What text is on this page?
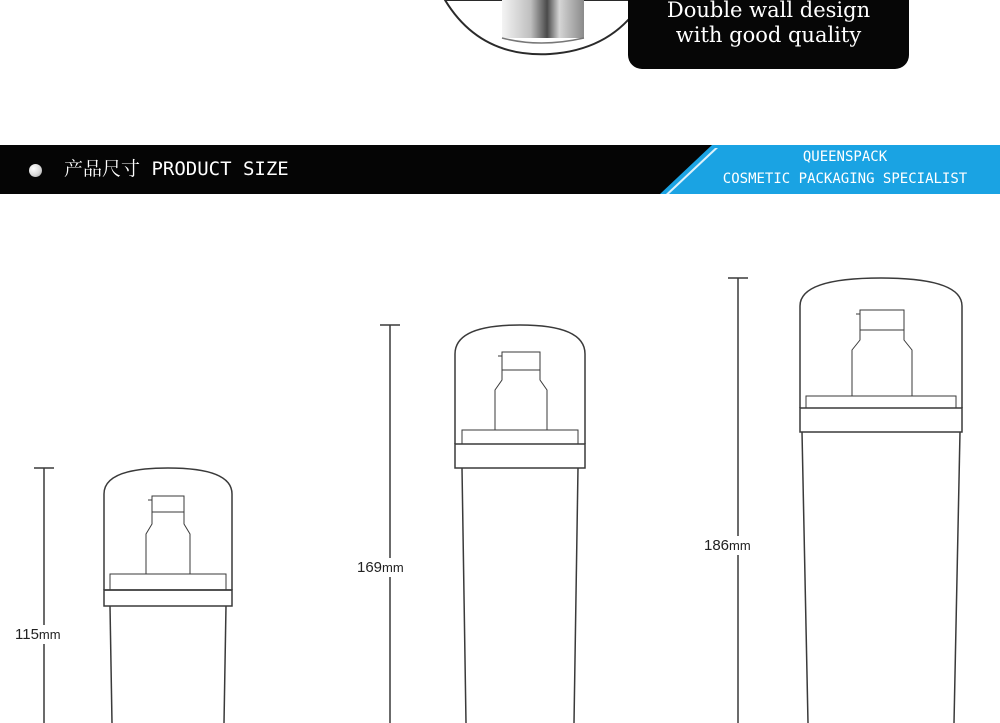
Double wall design
with good quality
产品尺寸 PRODUCT SIZE
QUEENSPACK
COSMETIC PACKAGING SPECIALIST
115mm
169mm
186mm
